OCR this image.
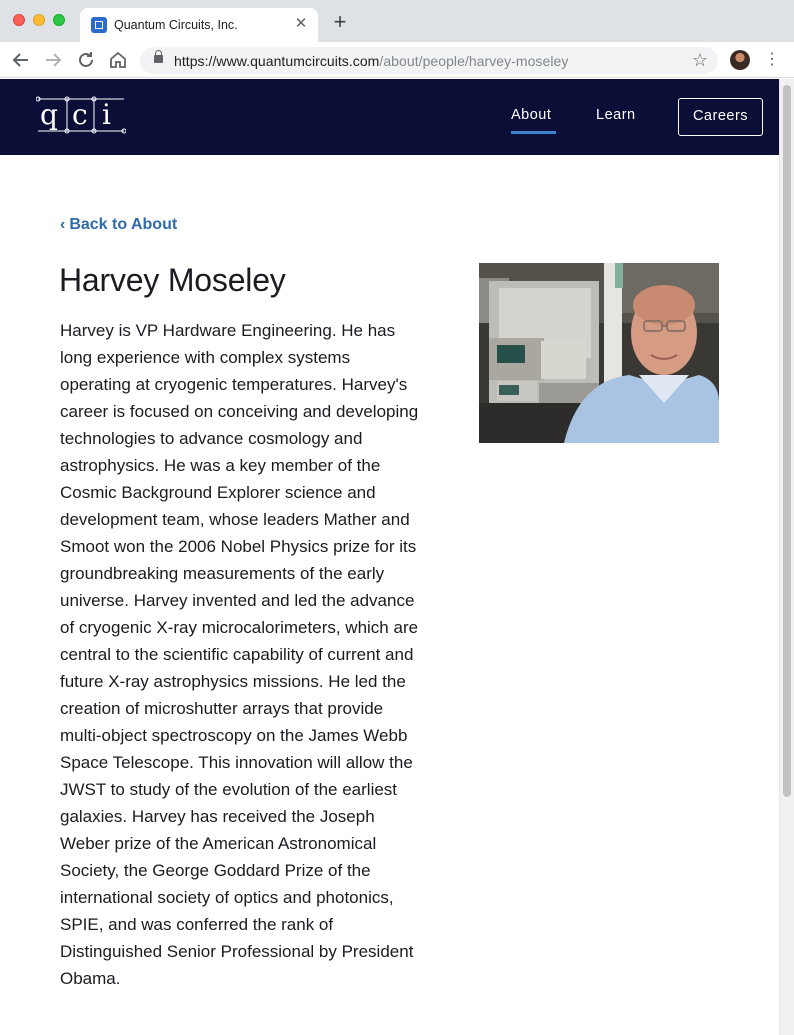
Quantum Circuits, Inc.	✕ +
https://www.quantumcircuits.com/about/people/harvey-moseley	☆	⋮
q c i	About	Learn	Careers
‹ Back to About
Harvey Moseley

Harvey is VP Hardware Engineering. He has long experience with complex systems operating at cryogenic temperatures. Harvey's career is focused on conceiving and developing technologies to advance cosmology and astrophysics. He was a key member of the Cosmic Background Explorer science and development team, whose leaders Mather and Smoot won the 2006 Nobel Physics prize for its groundbreaking measurements of the early universe. Harvey invented and led the advance of cryogenic X-ray microcalorimeters, which are central to the scientific capability of current and future X-ray astrophysics missions. He led the creation of microshutter arrays that provide multi-object spectroscopy on the James Webb Space Telescope. This innovation will allow the JWST to study of the evolution of the earliest galaxies. Harvey has received the Joseph Weber prize of the American Astronomical Society, the George Goddard Prize of the international society of optics and photonics, SPIE, and was conferred the rank of Distinguished Senior Professional by President Obama.
